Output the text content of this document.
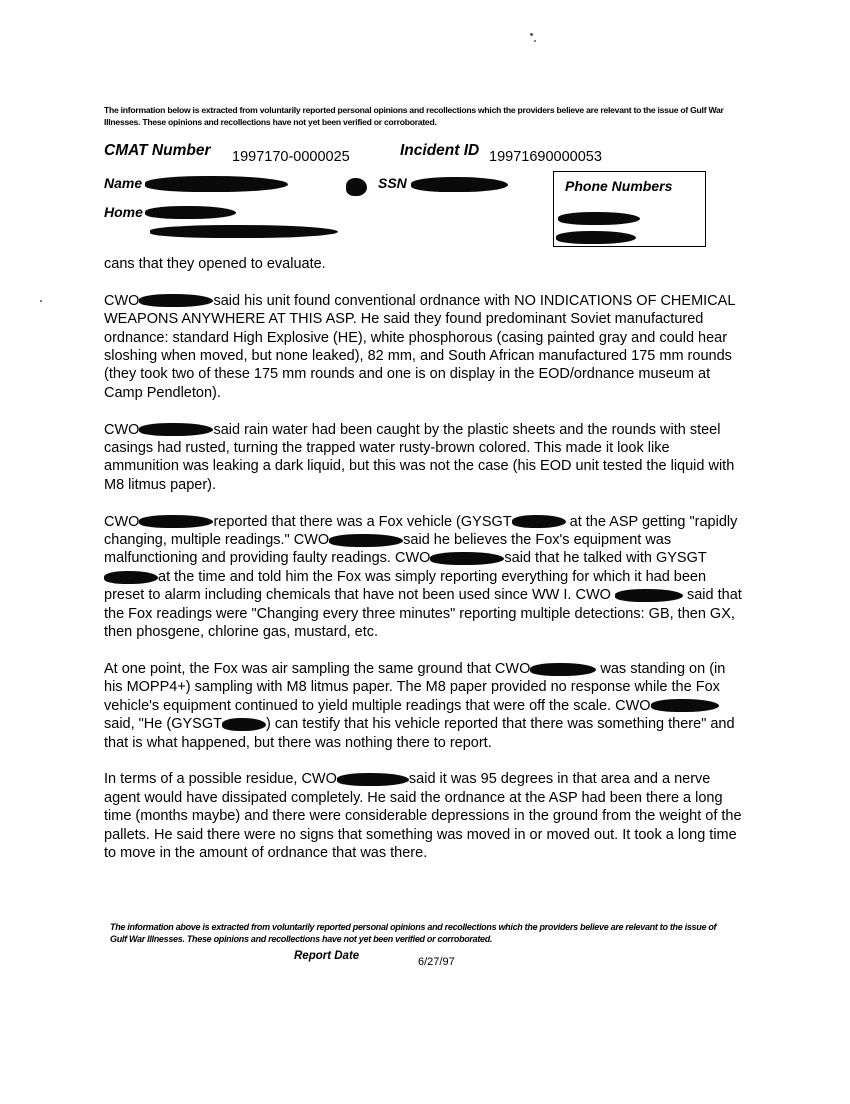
The information below is extracted from voluntarily reported personal opinions and recollections which the providers believe are relevant to the issue of Gulf War Illnesses. These opinions and recollections have not yet been verified or corroborated.
CMAT Number 1997170-0000025	Incident ID 19971690000053
Name	SSN
Home
Phone Numbers

cans that they opened to evaluate.

CWO	said his unit found conventional ordnance with NO INDICATIONS OF CHEMICAL WEAPONS ANYWHERE AT THIS ASP. He said they found predominant Soviet manufactured ordnance: standard High Explosive (HE), white phosphorous (casing painted gray and could hear sloshing when moved, but none leaked), 82 mm, and South African manufactured 175 mm rounds (they took two of these 175 mm rounds and one is on display in the EOD/ordnance museum at Camp Pendleton).

CWO	said rain water had been caught by the plastic sheets and the rounds with steel casings had rusted, turning the trapped water rusty-brown colored. This made it look like ammunition was leaking a dark liquid, but this was not the case (his EOD unit tested the liquid with M8 litmus paper).

CWO	reported that there was a Fox vehicle (GYSGT	at the ASP getting "rapidly changing, multiple readings." CWO	said he believes the Fox's equipment was malfunctioning and providing faulty readings. CWO	said that he talked with GYSGTat the time and told him the Fox was simply reporting everything for which it had been preset to alarm including chemicals that have not been used since WW I. CWO	said that the Fox readings were "Changing every three minutes" reporting multiple detections: GB, then GX, then phosgene, chlorine gas, mustard, etc.

At one point, the Fox was air sampling the same ground that CWO	was standing on (in his MOPP4+) sampling with M8 litmus paper. The M8 paper provided no response while the Fox vehicle's equipment continued to yield multiple readings that were off the scale. CWO said, "He (GYSGT	) can testify that his vehicle reported that there was something there" and that is what happened, but there was nothing there to report.

In terms of a possible residue, CWO	said it was 95 degrees in that area and a nerve agent would have dissipated completely. He said the ordnance at the ASP had been there a long time (months maybe) and there were considerable depressions in the ground from the weight of the pallets. He said there were no signs that something was moved in or moved out. It took a long time to move in the amount of ordnance that was there.

The information above is extracted from voluntarily reported personal opinions and recollections which the providers believe are relevant to the issue of Gulf War Illnesses. These opinions and recollections have not yet been verified or corroborated.
Report Date	6/27/97
